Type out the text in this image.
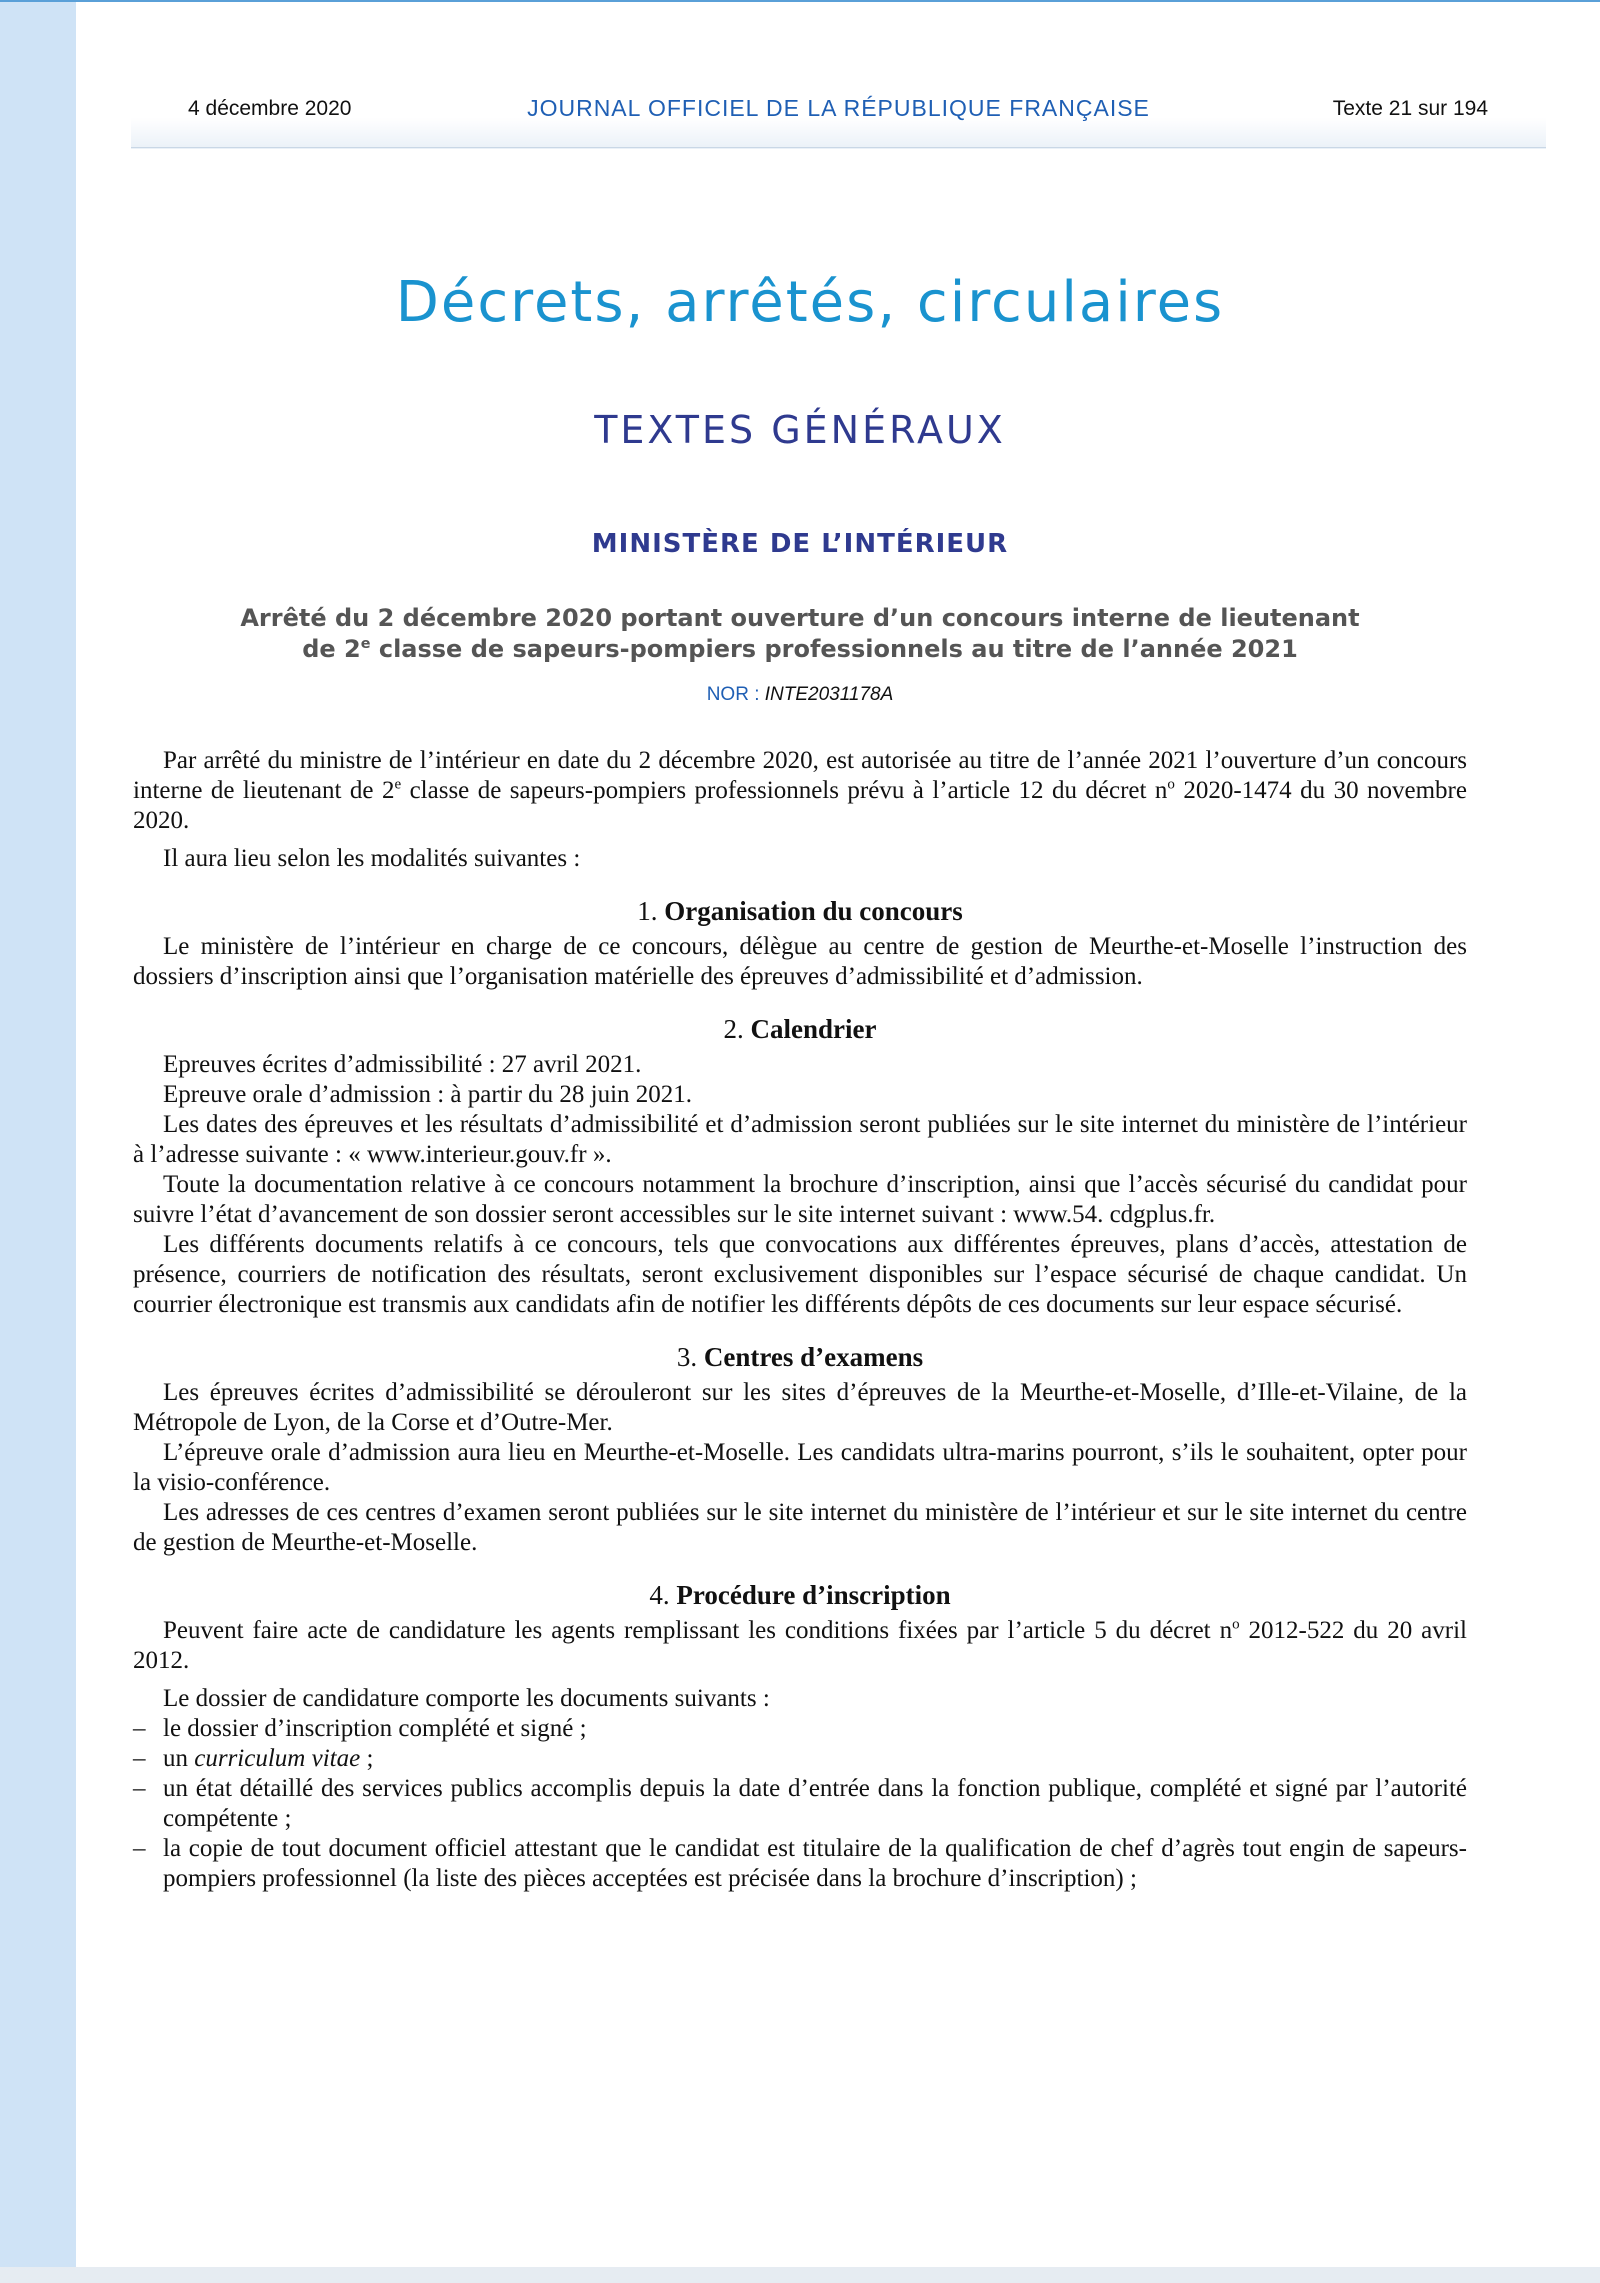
4 décembre 2020	JOURNAL OFFICIEL DE LA RÉPUBLIQUE FRANÇAISE	Texte 21 sur 194
Décrets, arrêtés, circulaires
TEXTES GÉNÉRAUX
MINISTÈRE DE L’INTÉRIEUR
Arrêté du 2 décembre 2020 portant ouverture d’un concours interne de lieutenant
de 2e classe de sapeurs-pompiers professionnels au titre de l’année 2021
NOR : INTE2031178A

Par arrêté du ministre de l’intérieur en date du 2 décembre 2020, est autorisée au titre de l’année 2021 l’ouverture d’un concours interne de lieutenant de 2e classe de sapeurs-pompiers professionnels prévu à l’article 12 du décret $n^o$ 2020-1474 du 30 novembre 2020.

Il aura lieu selon les modalités suivantes :

1. Organisation du concours

Le ministère de l’intérieur en charge de ce concours, délègue au centre de gestion de Meurthe-et-Moselle l’instruction des dossiers d’inscription ainsi que l’organisation matérielle des épreuves d’admissibilité et d’admission.

2. Calendrier

Epreuves écrites d’admissibilité : 27 avril 2021.

Epreuve orale d’admission : à partir du 28 juin 2021.

Les dates des épreuves et les résultats d’admissibilité et d’admission seront publiées sur le site internet du ministère de l’intérieur à l’adresse suivante : « www.interieur.gouv.fr ».

Toute la documentation relative à ce concours notamment la brochure d’inscription, ainsi que l’accès sécurisé du candidat pour suivre l’état d’avancement de son dossier seront accessibles sur le site internet suivant : www.54. cdgplus.fr.

Les différents documents relatifs à ce concours, tels que convocations aux différentes épreuves, plans d’accès, attestation de présence, courriers de notification des résultats, seront exclusivement disponibles sur l’espace sécurisé de chaque candidat. Un courrier électronique est transmis aux candidats afin de notifier les différents dépôts de ces documents sur leur espace sécurisé.

3. Centres d’examens

Les épreuves écrites d’admissibilité se dérouleront sur les sites d’épreuves de la Meurthe-et-Moselle, d’Ille-et-Vilaine, de la Métropole de Lyon, de la Corse et d’Outre-Mer.

L’épreuve orale d’admission aura lieu en Meurthe-et-Moselle. Les candidats ultra-marins pourront, s’ils le souhaitent, opter pour la visio-conférence.

Les adresses de ces centres d’examen seront publiées sur le site internet du ministère de l’intérieur et sur le site internet du centre de gestion de Meurthe-et-Moselle.

4. Procédure d’inscription

Peuvent faire acte de candidature les agents remplissant les conditions fixées par l’article 5 du décret $n^o$ 2012-522 du 20 avril 2012.

Le dossier de candidature comporte les documents suivants :

– le dossier d’inscription complété et signé ;
– un curriculum vitae ;
– un état détaillé des services publics accomplis depuis la date d’entrée dans la fonction publique, complété et signé par l’autorité compétente ;
– la copie de tout document officiel attestant que le candidat est titulaire de la qualification de chef d’agrès tout engin de sapeurs-pompiers professionnel (la liste des pièces acceptées est précisée dans la brochure d’inscription) ;
